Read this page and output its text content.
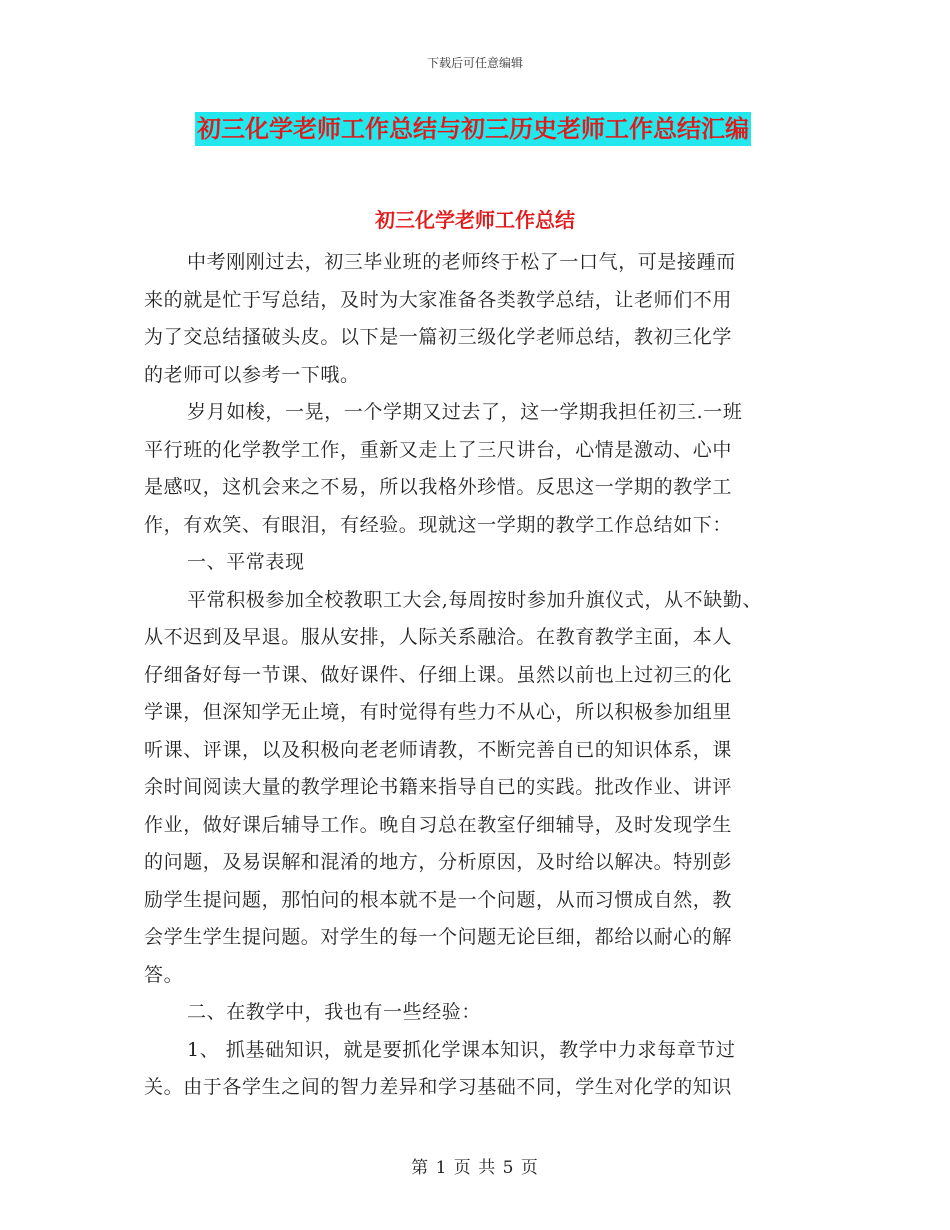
下载后可任意编辑
初三化学老师工作总结与初三历史老师工作总结汇编
初三化学老师工作总结
中考刚刚过去，初三毕业班的老师终于松了一口气，可是接踵而
来的就是忙于写总结，及时为大家准备各类教学总结，让老师们不用
为了交总结搔破头皮。以下是一篇初三级化学老师总结，教初三化学
的老师可以参考一下哦。
岁月如梭，一晃，一个学期又过去了，这一学期我担任初三.一班
平行班的化学教学工作，重新又走上了三尺讲台，心情是激动、心中
是感叹，这机会来之不易，所以我格外珍惜。反思这一学期的教学工
作，有欢笑、有眼泪，有经验。现就这一学期的教学工作总结如下：
一、平常表现
平常积极参加全校教职工大会,每周按时参加升旗仪式，从不缺勤、
从不迟到及早退。服从安排，人际关系融洽。在教育教学主面，本人
仔细备好每一节课、做好课件、仔细上课。虽然以前也上过初三的化
学课，但深知学无止境，有时觉得有些力不从心，所以积极参加组里
听课、评课，以及积极向老老师请教，不断完善自已的知识体系，课
余时间阅读大量的教学理论书籍来指导自已的实践。批改作业、讲评
作业，做好课后辅导工作。晚自习总在教室仔细辅导，及时发现学生
的问题，及易误解和混淆的地方，分析原因，及时给以解决。特别彭
励学生提问题，那怕问的根本就不是一个问题，从而习惯成自然，教
会学生学生提问题。对学生的每一个问题无论巨细，都给以耐心的解
答。
二、在教学中，我也有一些经验：
1、 抓基础知识，就是要抓化学课本知识，教学中力求每章节过
关。由于各学生之间的智力差异和学习基础不同，学生对化学的知识
第 1 页 共 5 页
